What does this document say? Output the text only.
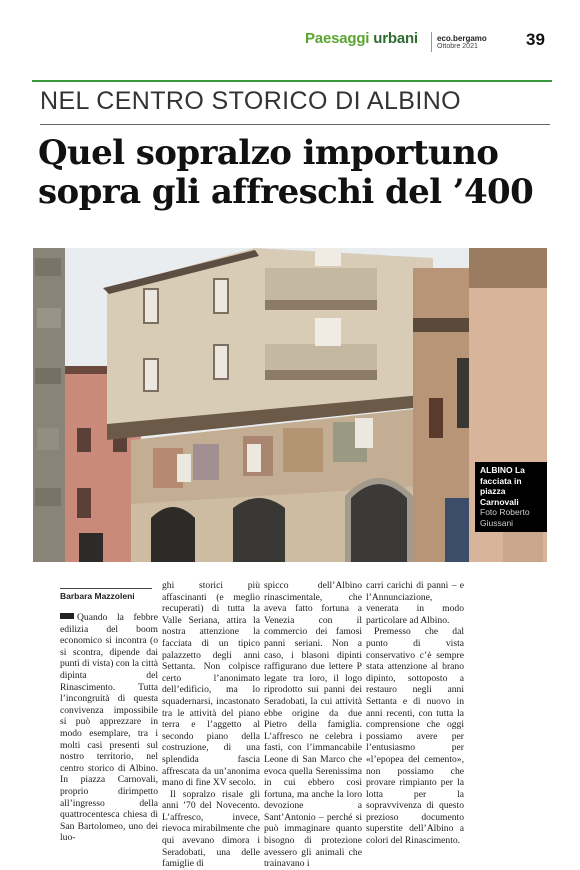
Paesaggi urbani eco.bergamo
Ottobre 2021	39
NEL CENTRO STORICO DI ALBINO
Quel sopralzo importuno
sopra gli affreschi del ’400
ALBINO La facciata in piazza Carnovali
Foto Roberto Giussani
Barbara Mazzoleni

Quando la febbre edilizia del boom economico si incontra (o si scontra, dipende dai punti di vista) con la città dipinta del Rinascimento. Tutta l’incongruità di questa convivenza impossibile si può apprezzare in modo esemplare, tra i molti casi presenti sul nostro territorio, nel centro storico di Albino. In piazza Carnovali, proprio dirimpetto all’ingresso della quattrocentesca chiesa di San Bartolomeo, uno dei luo-

ghi storici più affascinanti (e meglio recuperati) di tutta la Valle Seriana, attira la nostra attenzione la facciata di un tipico palazzetto degli anni Settanta. Non colpisce certo l’anonimato dell’edificio, ma lo squadernarsi, incastonato tra le attività del piano terra e l’aggetto al secondo piano della costruzione, di una splendida fascia affrescata da un’anonima mano di fine XV secolo.

Il sopralzo risale gli anni ’70 del Novecento. L’affresco, invece, rievoca mirabilmente che qui avevano dimora i Seradobati, una delle famiglie di

spicco dell’Albino rinascimentale, che aveva fatto fortuna a Venezia con il commercio dei famosi panni seriani. Non a caso, i blasoni dipinti raffigurano due lettere P legate tra loro, il logo riprodotto sui panni dei Seradobati, la cui attività ebbe origine da due Pietro della famiglia. L’affresco ne celebra i fasti, con l’immancabile Leone di San Marco che evoca quella Serenissima in cui ebbero così fortuna, ma anche la loro devozione a Sant’Antonio – perché si può immaginare quanto bisogno di protezione avessero gli animali che trainavano i

carri carichi di panni – e l’Annunciazione, venerata in modo particolare ad Albino.

Premesso che dal punto di vista conservativo c’è sempre stata attenzione al brano dipinto, sottoposto a restauro negli anni Settanta e di nuovo in anni recenti, con tutta la comprensione che oggi possiamo avere per l’entusiasmo per «l’epopea del cemento», non possiamo che provare rimpianto per la lotta per la sopravvivenza di questo prezioso documento superstite dell’Albino a colori del Rinascimento.
